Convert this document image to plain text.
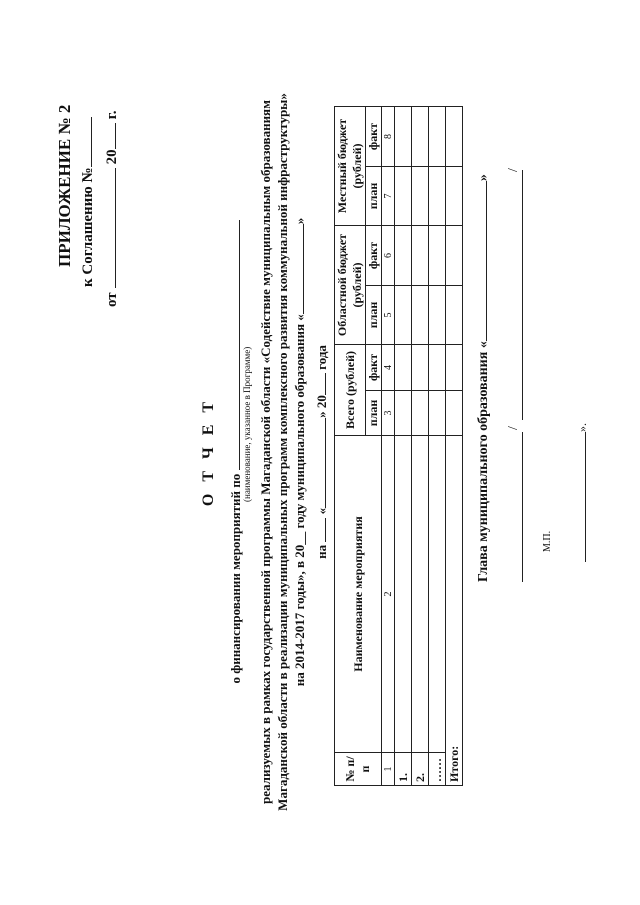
ПРИЛОЖЕНИЕ № 2 к Соглашению №
от  20 г.
О Т Ч Е Т
о финансировании мероприятий по
(наименование, указанное в Программе) реализуемых в рамках государственной программы Магаданской области «Содействие муниципальным образованиям Магаданской области в реализации муниципальных программ комплексного развития коммунальной инфраструктуры» на 2014-2017 годы», в 20__ году муниципального образования «»
на  «» 20 года
№ п/п	Наименование мероприятия	Всего (рублей)		Областной бюджет (рублей)		Местный бюджет (рублей)	
		план	факт	план	факт	план	факт
1	2	3	4	5	6	7	8
1.							
2.							
……							
Итого:							
Глава муниципального образования «»
/
/
М.П.
».
